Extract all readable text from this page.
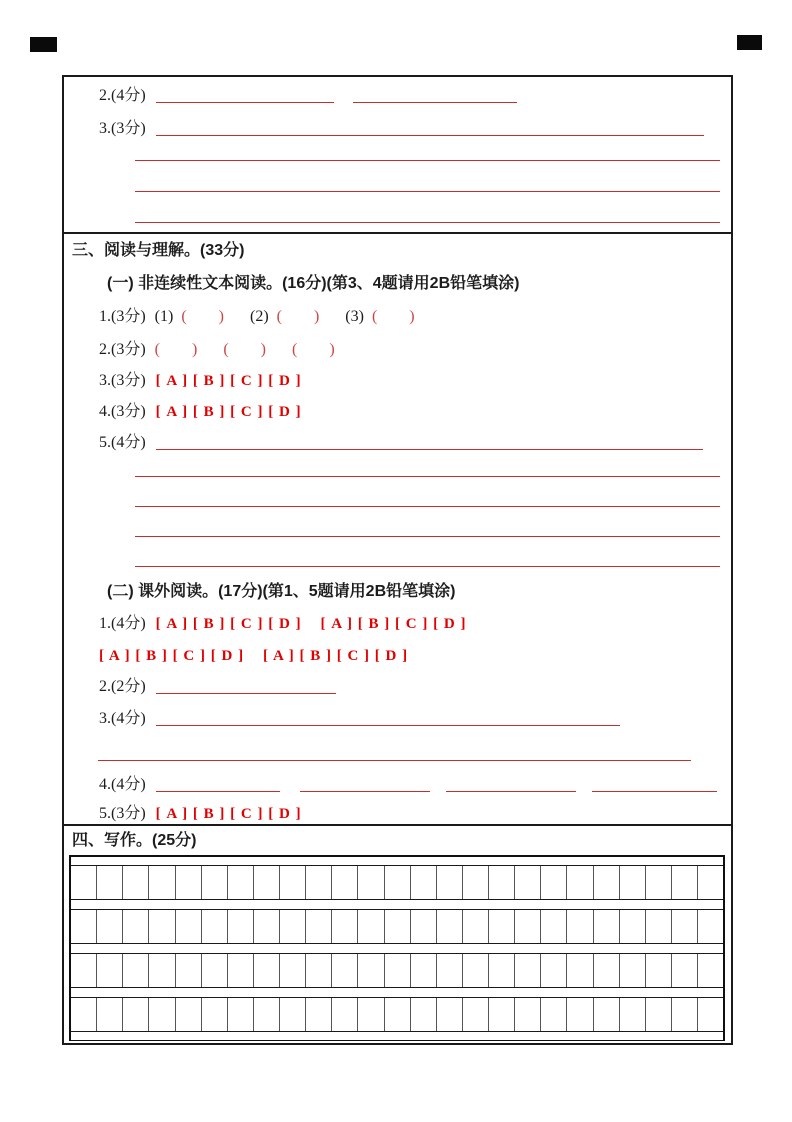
2.(4分)
3.(3分)
三、阅读与理解。(33分)
(一) 非连续性文本阅读。(16分)(第3、4题请用2B铅笔填涂)
1.(3分) (1) (        ) (2) (        ) (3) (        )
2.(3分) (        ) (        ) (        )
3.(3分) [ A ] [ B ] [ C ] [ D ]
4.(3分) [ A ] [ B ] [ C ] [ D ]
5.(4分)
(二) 课外阅读。(17分)(第1、5题请用2B铅笔填涂)
1.(4分) [ A ] [ B ] [ C ] [ D ]    [ A ] [ B ] [ C ] [ D ]
[ A ] [ B ] [ C ] [ D ]    [ A ] [ B ] [ C ] [ D ]
2.(2分)
3.(4分)
4.(4分)
5.(3分) [ A ] [ B ] [ C ] [ D ]
四、写作。(25分)
